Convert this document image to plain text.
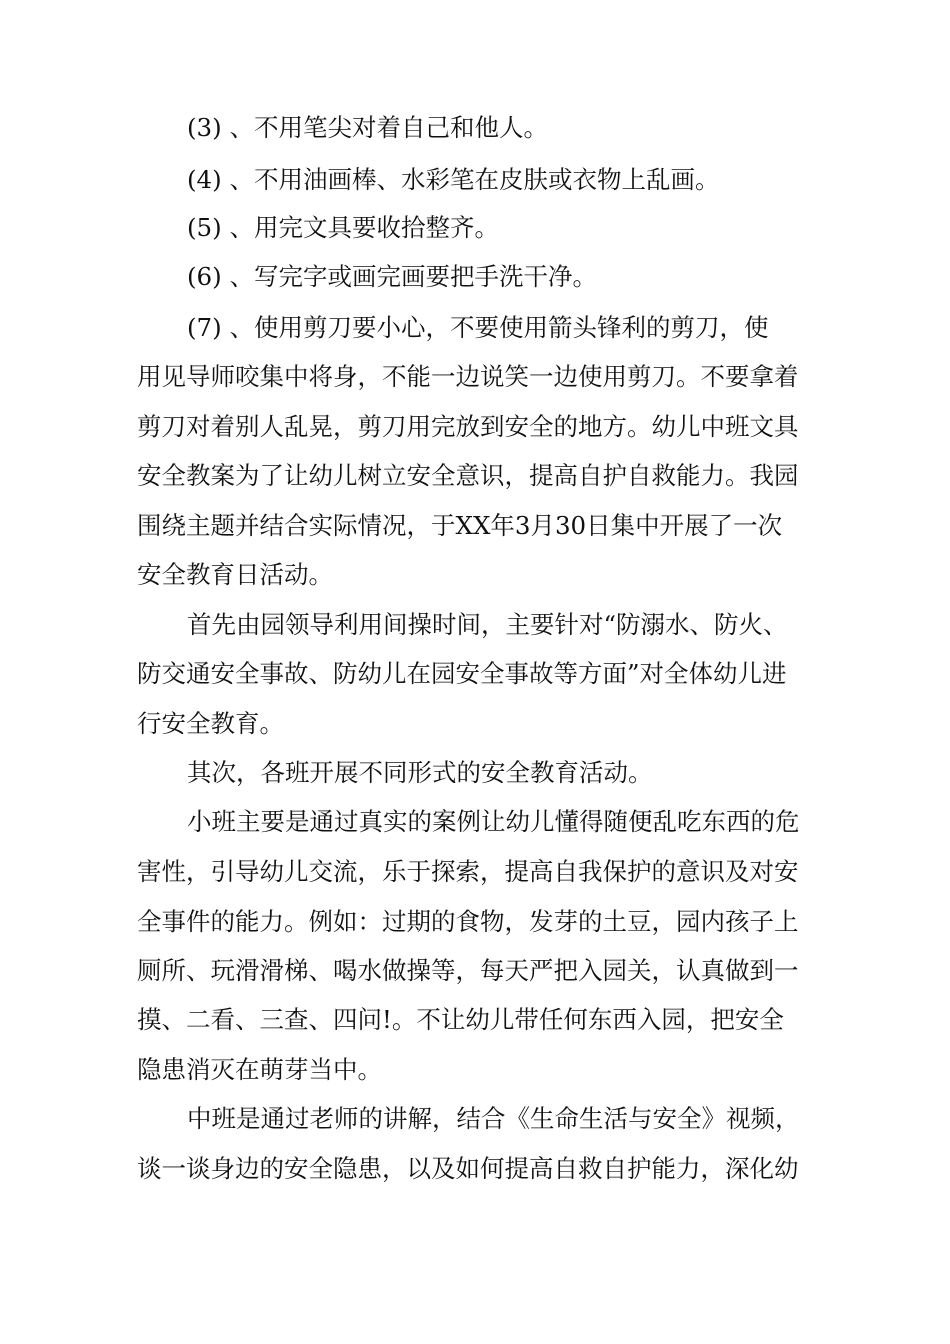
(3) 、不用笔尖对着自己和他人。
(4) 、不用油画棒、水彩笔在皮肤或衣物上乱画。
(5) 、用完文具要收拾整齐。
(6) 、写完字或画完画要把手洗干净。
(7) 、使用剪刀要小心，不要使用箭头锋利的剪刀，使
用见导师咬集中将身，不能一边说笑一边使用剪刀。不要拿着
剪刀对着别人乱晃，剪刀用完放到安全的地方。幼儿中班文具
安全教案为了让幼儿树立安全意识，提高自护自救能力。我园
围绕主题并结合实际情况，于XX年3月30日集中开展了一次
安全教育日活动。
首先由园领导利用间操时间，主要针对“防溺水、防火、
防交通安全事故、防幼儿在园安全事故等方面”对全体幼儿进
行安全教育。
其次，各班开展不同形式的安全教育活动。
小班主要是通过真实的案例让幼儿懂得随便乱吃东西的危
害性，引导幼儿交流，乐于探索，提高自我保护的意识及对安
全事件的能力。例如：过期的食物，发芽的土豆，园内孩子上
厕所、玩滑滑梯、喝水做操等，每天严把入园关，认真做到一
摸、二看、三查、四问!。不让幼儿带任何东西入园，把安全
隐患消灭在萌芽当中。
中班是通过老师的讲解，结合《生命生活与安全》视频，
谈一谈身边的安全隐患，以及如何提高自救自护能力，深化幼
